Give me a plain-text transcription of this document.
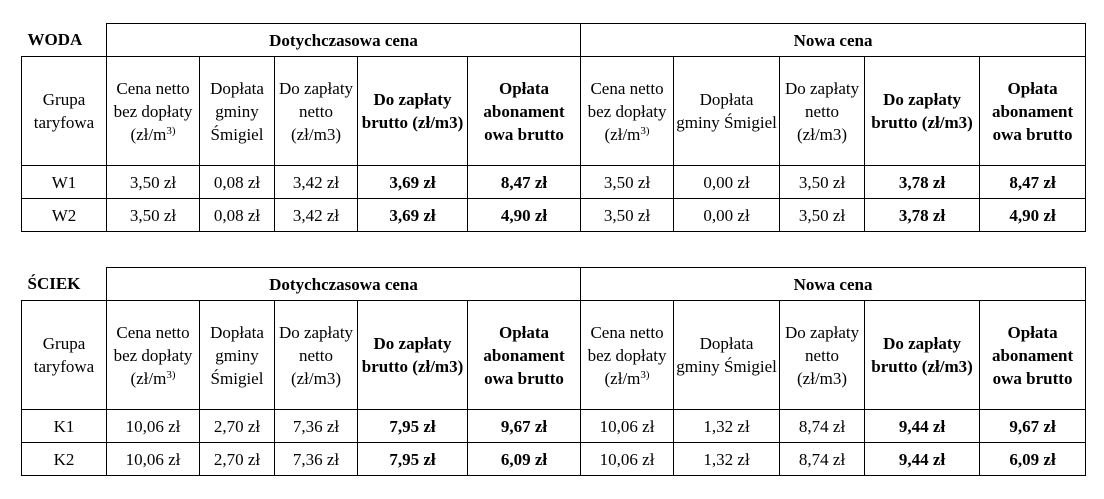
WODA	Dotychczasowa cena					Nowa cena				
Grupa taryfowa	Cena netto bez dopłaty ($zł/m^{3)}$	Dopłata gminy Śmigiel	Do zapłaty netto (zł/m3)	Do zapłaty brutto (zł/m3)	Opłata abonament owa brutto	Cena netto bez dopłaty ($zł/m^{3)}$	Dopłata gminy Śmigiel	Do zapłaty netto (zł/m3)	Do zapłaty brutto (zł/m3)	Opłata abonament owa brutto
W1	3,50 zł	0,08 zł	3,42 zł	3,69 zł	8,47 zł	3,50 zł	0,00 zł	3,50 zł	3,78 zł	8,47 zł
W2	3,50 zł	0,08 zł	3,42 zł	3,69 zł	4,90 zł	3,50 zł	0,00 zł	3,50 zł	3,78 zł	4,90 zł
ŚCIEK	Dotychczasowa cena					Nowa cena				
Grupa taryfowa	Cena netto bez dopłaty ($zł/m^{3)}$	Dopłata gminy Śmigiel	Do zapłaty netto (zł/m3)	Do zapłaty brutto (zł/m3)	Opłata abonament owa brutto	Cena netto bez dopłaty ($zł/m^{3)}$	Dopłata gminy Śmigiel	Do zapłaty netto (zł/m3)	Do zapłaty brutto (zł/m3)	Opłata abonament owa brutto
K1	10,06 zł	2,70 zł	7,36 zł	7,95 zł	9,67 zł	10,06 zł	1,32 zł	8,74 zł	9,44 zł	9,67 zł
K2	10,06 zł	2,70 zł	7,36 zł	7,95 zł	6,09 zł	10,06 zł	1,32 zł	8,74 zł	9,44 zł	6,09 zł
